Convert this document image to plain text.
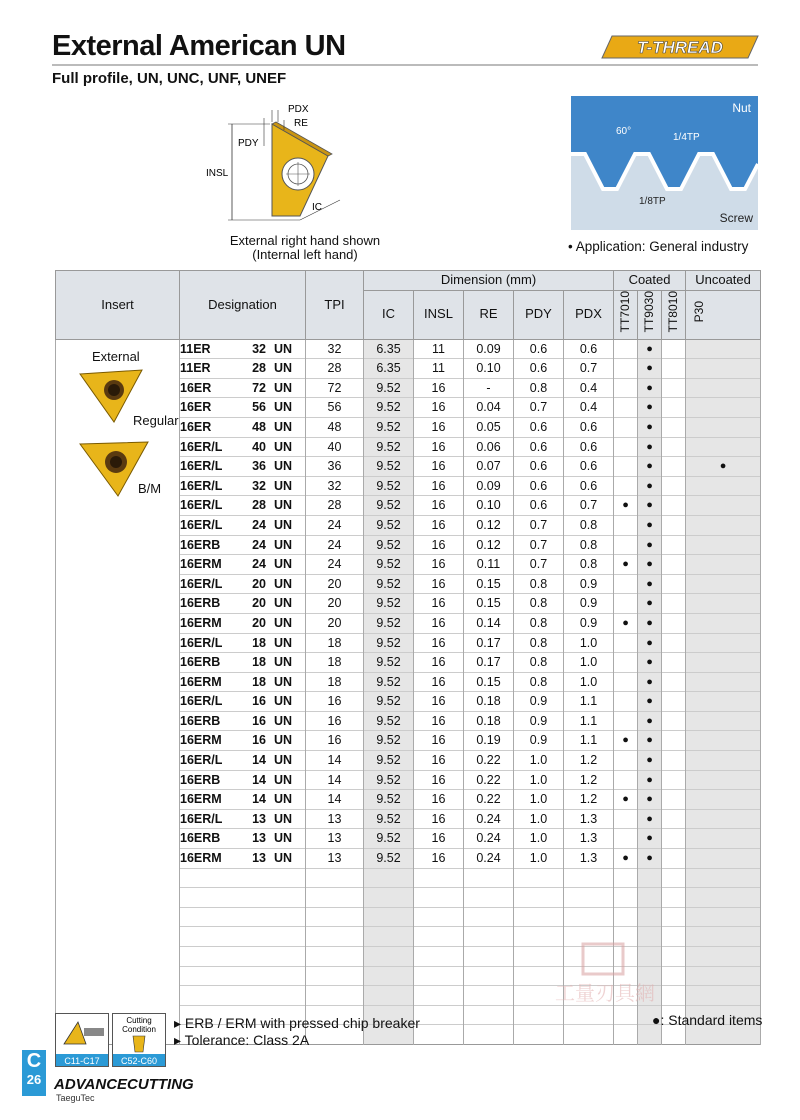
External American UN
Full profile, UN, UNC, UNF, UNEF
T-THREAD
PDX
RE
PDY
INSL
IC
External right hand shown
(Internal left hand)
Nut
Screw
60°
1/4TP
1/8TP
• Application: General industry
Insert	Designation	TPI	Dimension (mm)					Coated			Uncoated
			IC	INSL	RE	PDY	PDX	TT7010	TT9030	TT8010	P30

External
Regular
B/M	11ER 32 UN	32	6.35	11	0.09	0.6	0.6		●		
	11ER 28 UN	28	6.35	11	0.10	0.6	0.7		●		
	16ER 72 UN	72	9.52	16	-	0.8	0.4		●		
	16ER 56 UN	56	9.52	16	0.04	0.7	0.4		●		
	16ER 48 UN	48	9.52	16	0.05	0.6	0.6		●		
	16ER/L 40 UN	40	9.52	16	0.06	0.6	0.6		●		
	16ER/L 36 UN	36	9.52	16	0.07	0.6	0.6		●		●
	16ER/L 32 UN	32	9.52	16	0.09	0.6	0.6		●		
	16ER/L 28 UN	28	9.52	16	0.10	0.6	0.7	●	●		
	16ER/L 24 UN	24	9.52	16	0.12	0.7	0.8		●		
	16ERB 24 UN	24	9.52	16	0.12	0.7	0.8		●		
	16ERM 24 UN	24	9.52	16	0.11	0.7	0.8	●	●		
	16ER/L 20 UN	20	9.52	16	0.15	0.8	0.9		●		
	16ERB 20 UN	20	9.52	16	0.15	0.8	0.9		●		
	16ERM 20 UN	20	9.52	16	0.14	0.8	0.9	●	●		
	16ER/L 18 UN	18	9.52	16	0.17	0.8	1.0		●		
	16ERB 18 UN	18	9.52	16	0.17	0.8	1.0		●		
	16ERM 18 UN	18	9.52	16	0.15	0.8	1.0		●		
	16ER/L 16 UN	16	9.52	16	0.18	0.9	1.1		●		
	16ERB 16 UN	16	9.52	16	0.18	0.9	1.1		●		
	16ERM 16 UN	16	9.52	16	0.19	0.9	1.1	●	●		
	16ER/L 14 UN	14	9.52	16	0.22	1.0	1.2		●		
	16ERB 14 UN	14	9.52	16	0.22	1.0	1.2		●		
	16ERM 14 UN	14	9.52	16	0.22	1.0	1.2	●	●		
	16ER/L 13 UN	13	9.52	16	0.24	1.0	1.3		●		
	16ERB 13 UN	13	9.52	16	0.24	1.0	1.3		●		
	16ERM 13 UN	13	9.52	16	0.24	1.0	1.3	●	●		

C11-C17
Cutting
Condition
C52-C60
▸ ERB / ERM with pressed chip breaker
▸ Tolerance: Class 2A
●: Standard items
工量刃具網
C
26 ADVANCECUTTING
TaeguTec
